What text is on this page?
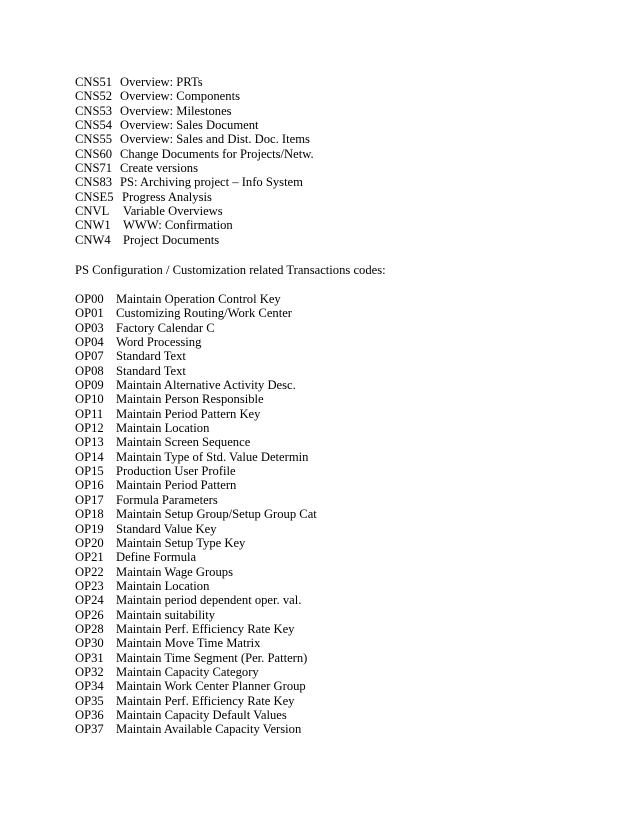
CNS51 Overview: PRTs
CNS52 Overview: Components
CNS53 Overview: Milestones
CNS54 Overview: Sales Document
CNS55 Overview: Sales and Dist. Doc. Items
CNS60 Change Documents for Projects/Netw.
CNS71 Create versions
CNS83 PS: Archiving project – Info System
CNSE5 Progress Analysis
CNVL Variable Overviews
CNW1 WWW: Confirmation
CNW4 Project Documents
PS Configuration / Customization related Transactions codes:
OP00 Maintain Operation Control Key
OP01 Customizing Routing/Work Center
OP03 Factory Calendar C
OP04 Word Processing
OP07 Standard Text
OP08 Standard Text
OP09 Maintain Alternative Activity Desc.
OP10 Maintain Person Responsible
OP11 Maintain Period Pattern Key
OP12 Maintain Location
OP13 Maintain Screen Sequence
OP14 Maintain Type of Std. Value Determin
OP15 Production User Profile
OP16 Maintain Period Pattern
OP17 Formula Parameters
OP18 Maintain Setup Group/Setup Group Cat
OP19 Standard Value Key
OP20 Maintain Setup Type Key
OP21 Define Formula
OP22 Maintain Wage Groups
OP23 Maintain Location
OP24 Maintain period dependent oper. val.
OP26 Maintain suitability
OP28 Maintain Perf. Efficiency Rate Key
OP30 Maintain Move Time Matrix
OP31 Maintain Time Segment (Per. Pattern)
OP32 Maintain Capacity Category
OP34 Maintain Work Center Planner Group
OP35 Maintain Perf. Efficiency Rate Key
OP36 Maintain Capacity Default Values
OP37 Maintain Available Capacity Version
